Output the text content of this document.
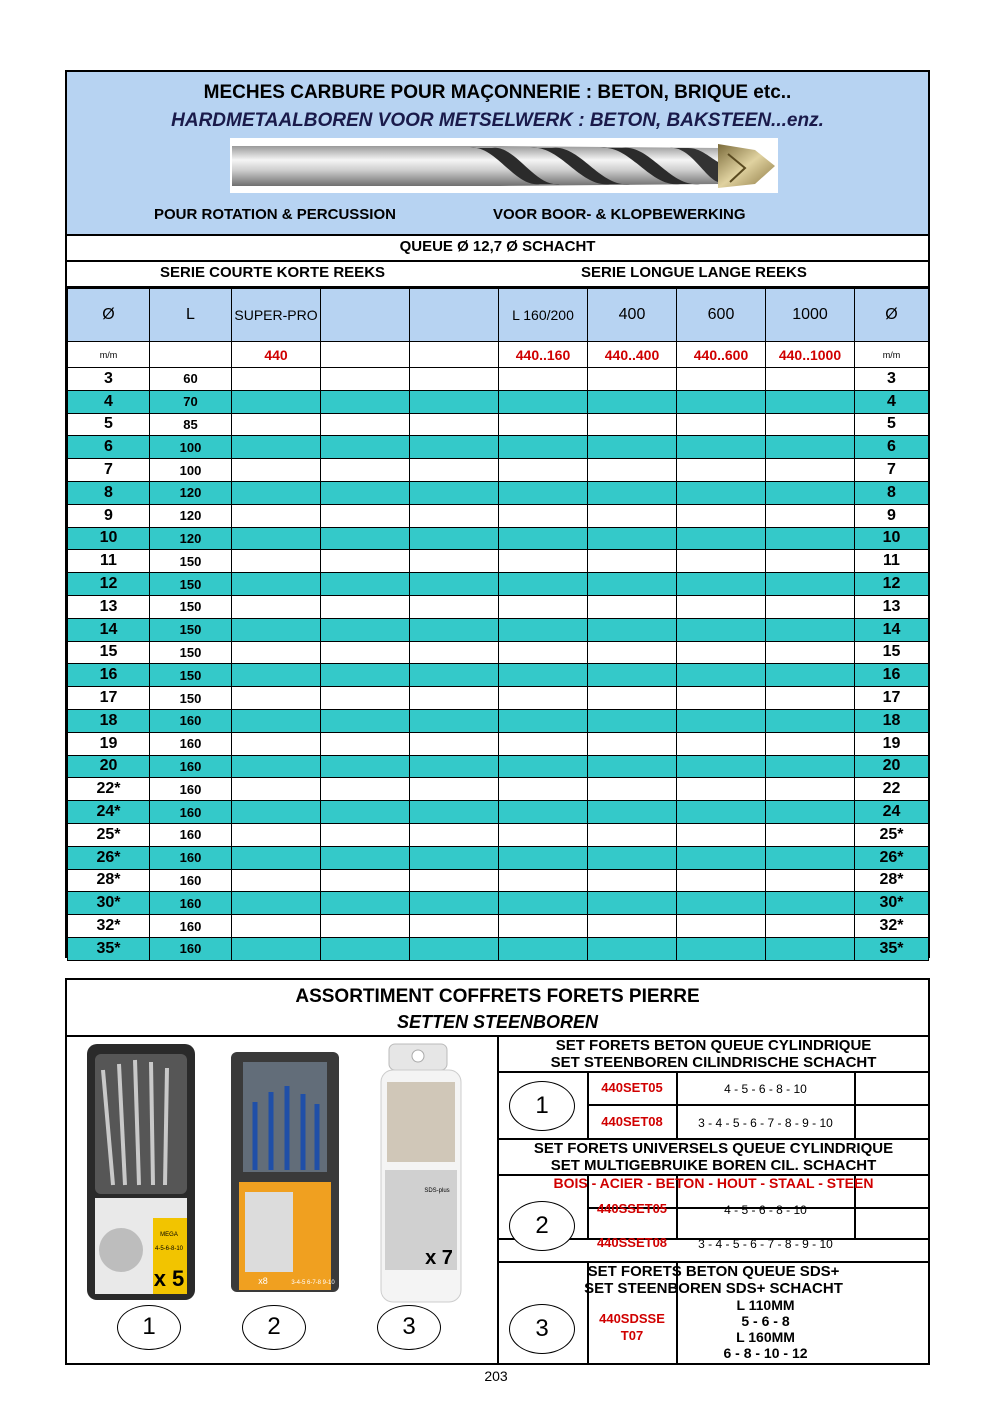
MECHES CARBURE POUR MAÇONNERIE : BETON, BRIQUE etc..
HARDMETAALBOREN VOOR METSELWERK : BETON, BAKSTEEN...enz.
POUR ROTATION & PERCUSSION	VOOR BOOR- & KLOPBEWERKING
QUEUE Ø 12,7 Ø SCHACHT
SERIE COURTE KORTE REEKS	SERIE LONGUE LANGE REEKS
Ø	L	SUPER-PRO			L 160/200	400	600	1000	Ø
m/m		440			440..160	440..400	440..600	440..1000	m/m
3	60								3
4	70								4
5	85								5
6	100								6
7	100								7
8	120								8
9	120								9
10	120								10
11	150								11
12	150								12
13	150								13
14	150								14
15	150								15
16	150								16
17	150								17
18	160								18
19	160								19
20	160								20
22*	160								22
24*	160								24
25*	160								25*
26*	160								26*
28*	160								28*
30*	160								30*
32*	160								32*
35*	160								35*
ASSORTIMENT COFFRETS FORETS PIERRE
SETTEN STEENBOREN
MEGA
4-5-6-8-10
x 5	x8	3-4-5 6-7-8 9-10
SDS-plus
x 7
1	2	3
SET FORETS BETON QUEUE CYLINDRIQUE
SET STEENBOREN CILINDRISCHE SCHACHT
1
440SET05	4 - 5 - 6 - 8 - 10
440SET08	3 - 4 - 5 - 6 - 7 - 8 - 9 - 10
SET FORETS UNIVERSELS QUEUE CYLINDRIQUE
SET MULTIGEBRUIKE BOREN CIL. SCHACHT
BOIS - ACIER - BETON - HOUT - STAAL - STEEN
2
440SSET05	4 - 5 - 6 - 8 - 10
440SSET08	3 - 4 - 5 - 6 - 7 - 8 - 9 - 10
SET FORETS BETON QUEUE SDS+
SET STEENBOREN SDS+ SCHACHT
3	440SDSSE
T07
L 110MM
5 - 6 - 8
L 160MM
6 - 8 - 10 - 12
203
